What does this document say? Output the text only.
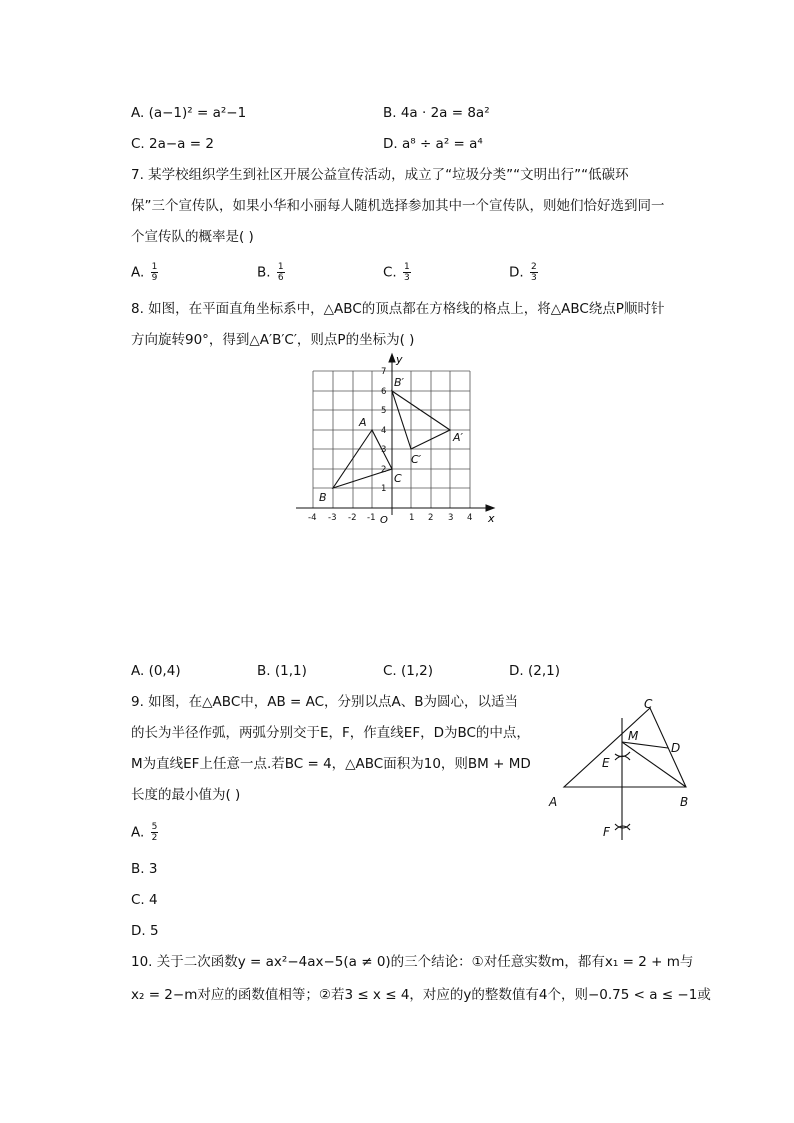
A. (a−1)² = a²−1	B. 4a · 2a = 8a²
C. 2a−a = 2	D. a⁸ ÷ a² = a⁴
7. 某学校组织学生到社区开展公益宣传活动，成立了“垃圾分类”“文明出行”“低碳环
保”三个宣传队，如果小华和小丽每人随机选择参加其中一个宣传队，则她们恰好选到同一
个宣传队的概率是( )
A. $\frac{1}{9}$	B. $\frac{1}{6}$	C. $\frac{1}{3}$	D. $\frac{2}{3}$
8. 如图，在平面直角坐标系中，△ABC的顶点都在方格线的格点上，将△ABC绕点P顺时针
方向旋转90°，得到△A′B′C′，则点P的坐标为( )
x
y
O
-4 -3 -2 -1	1 2 3 4
1
2
3
4
5
6
7
A
B
C
A′
B′
C′
A. (0,4)	B. (1,1)	C. (1,2)	D. (2,1)
9. 如图，在△ABC中，AB = AC，分别以点A、B为圆心，以适当
的长为半径作弧，两弧分别交于E，F，作直线EF，D为BC的中点，
M为直线EF上任意一点.若BC = 4，△ABC面积为10，则BM + MD
长度的最小值为( )	A	B
C
D
E
F
M
A. $\frac{5}{2}$
B. 3
C. 4
D. 5
10. 关于二次函数y = ax²−4ax−5(a ≠ 0)的三个结论：①对任意实数m，都有x₁ = 2 + m与
x₂ = 2−m对应的函数值相等；②若3 ≤ x ≤ 4，对应的y的整数值有4个，则−0.75 < a ≤ −1或
